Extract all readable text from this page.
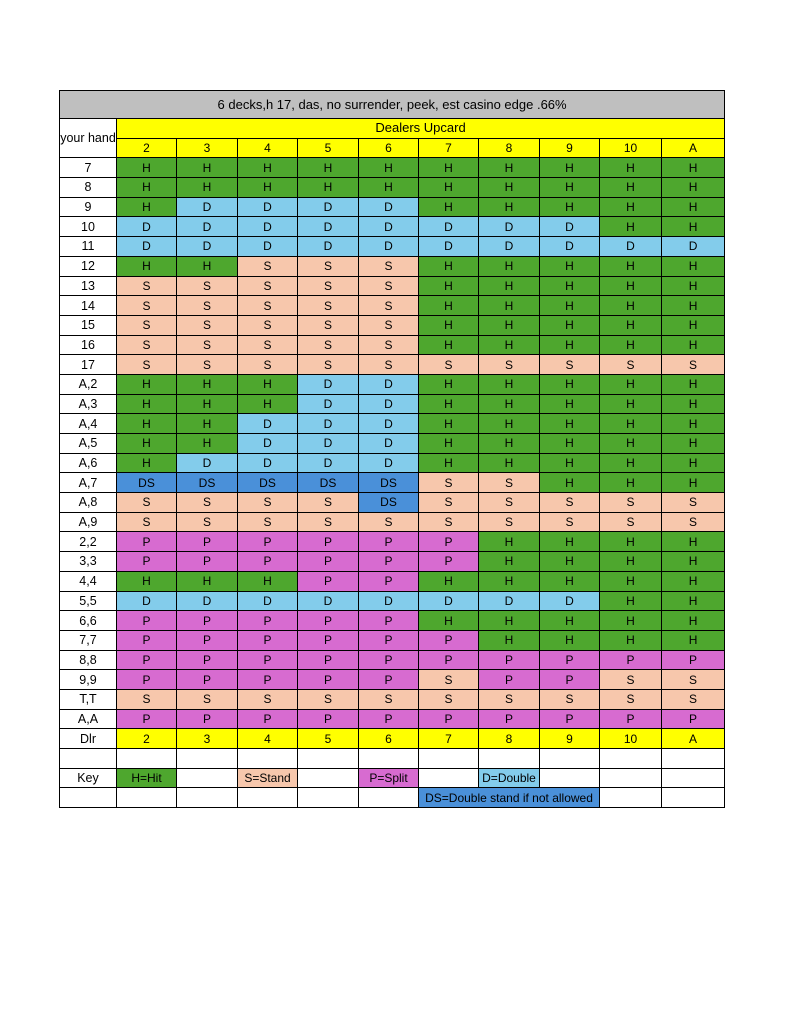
6 decks,h 17, das, no surrender, peek, est casino edge .66%										
your hand	Dealers Upcard									
	2	3	4	5	6	7	8	9	10	A
7	H	H	H	H	H	H	H	H	H	H
8	H	H	H	H	H	H	H	H	H	H
9	H	D	D	D	D	H	H	H	H	H
10	D	D	D	D	D	D	D	D	H	H
11	D	D	D	D	D	D	D	D	D	D
12	H	H	S	S	S	H	H	H	H	H
13	S	S	S	S	S	H	H	H	H	H
14	S	S	S	S	S	H	H	H	H	H
15	S	S	S	S	S	H	H	H	H	H
16	S	S	S	S	S	H	H	H	H	H
17	S	S	S	S	S	S	S	S	S	S
A,2	H	H	H	D	D	H	H	H	H	H
A,3	H	H	H	D	D	H	H	H	H	H
A,4	H	H	D	D	D	H	H	H	H	H
A,5	H	H	D	D	D	H	H	H	H	H
A,6	H	D	D	D	D	H	H	H	H	H
A,7	DS	DS	DS	DS	DS	S	S	H	H	H
A,8	S	S	S	S	DS	S	S	S	S	S
A,9	S	S	S	S	S	S	S	S	S	S
2,2	P	P	P	P	P	P	H	H	H	H
3,3	P	P	P	P	P	P	H	H	H	H
4,4	H	H	H	P	P	H	H	H	H	H
5,5	D	D	D	D	D	D	D	D	H	H
6,6	P	P	P	P	P	H	H	H	H	H
7,7	P	P	P	P	P	P	H	H	H	H
8,8	P	P	P	P	P	P	P	P	P	P
9,9	P	P	P	P	P	S	P	P	S	S
T,T	S	S	S	S	S	S	S	S	S	S
A,A	P	P	P	P	P	P	P	P	P	P
Dlr	2	3	4	5	6	7	8	9	10	A

Key	H=Hit		S=Stand		P=Split		D=Double			
						DS=Double stand if not allowed				
